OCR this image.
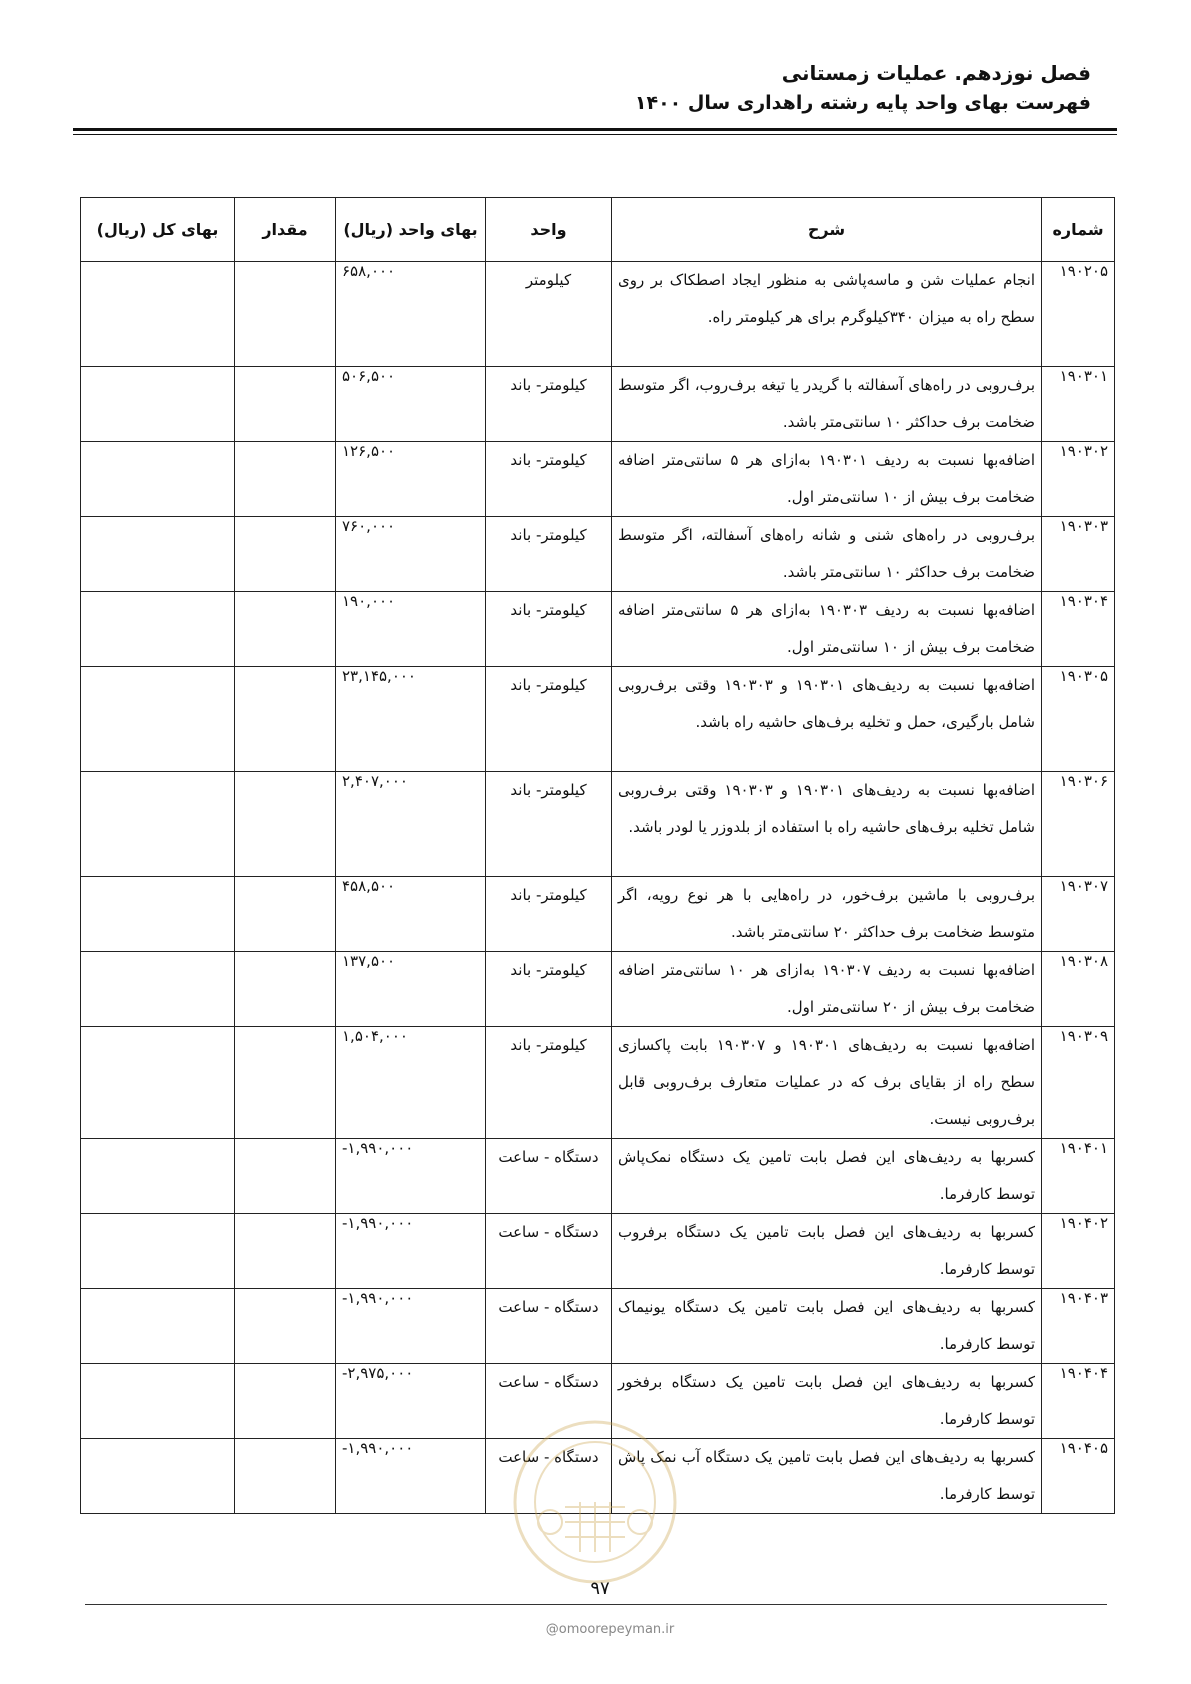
فصل نوزدهم. عملیات زمستانی
فهرست بهای واحد پایه رشته راهداری سال ۱۴۰۰
شماره	شرح	واحد	بهای واحد (ریال)	مقدار	بهای کل (ریال)
۱۹۰۲۰۵	انجام عملیات شن و ماسه‌پاشی به منظور ایجاد اصطکاک بر روی سطح راه به میزان ۳۴۰کیلوگرم برای هر کیلومتر راه.	کیلومتر	۶۵۸,۰۰۰		
۱۹۰۳۰۱	برف‌روبی در راه‌های آسفالته با گریدر یا تیغه برف‌روب، اگر متوسط ضخامت برف حداکثر ۱۰ سانتی‌متر باشد.	کیلومتر- باند	۵۰۶,۵۰۰		
۱۹۰۳۰۲	اضافه‌بها نسبت به ردیف ۱۹۰۳۰۱ به‌ازای هر ۵ سانتی‌متر اضافه ضخامت برف بیش از ۱۰ سانتی‌متر اول.	کیلومتر- باند	۱۲۶,۵۰۰		
۱۹۰۳۰۳	برف‌روبی در راه‌های شنی و شانه راه‌های آسفالته، اگر متوسط ضخامت برف حداکثر ۱۰ سانتی‌متر باشد.	کیلومتر- باند	۷۶۰,۰۰۰		
۱۹۰۳۰۴	اضافه‌بها نسبت به ردیف ۱۹۰۳۰۳ به‌ازای هر ۵ سانتی‌متر اضافه ضخامت برف بیش از ۱۰ سانتی‌متر اول.	کیلومتر- باند	۱۹۰,۰۰۰		
۱۹۰۳۰۵	اضافه‌بها نسبت به ردیف‌های ۱۹۰۳۰۱ و ۱۹۰۳۰۳ وقتی برف‌روبی شامل بارگیری، حمل و تخلیه برف‌های حاشیه راه باشد.	کیلومتر- باند	۲۳,۱۴۵,۰۰۰		
۱۹۰۳۰۶	اضافه‌بها نسبت به ردیف‌های ۱۹۰۳۰۱ و ۱۹۰۳۰۳ وقتی برف‌روبی شامل تخلیه برف‌های حاشیه راه با استفاده از بلدوزر یا لودر باشد.	کیلومتر- باند	۲,۴۰۷,۰۰۰		
۱۹۰۳۰۷	برف‌روبی با ماشین برف‌خور، در راه‌هایی با هر نوع رویه، اگر متوسط ضخامت برف حداکثر ۲۰ سانتی‌متر باشد.	کیلومتر- باند	۴۵۸,۵۰۰		
۱۹۰۳۰۸	اضافه‌بها نسبت به ردیف ۱۹۰۳۰۷ به‌ازای هر ۱۰ سانتی‌متر اضافه ضخامت برف بیش از ۲۰ سانتی‌متر اول.	کیلومتر- باند	۱۳۷,۵۰۰		
۱۹۰۳۰۹	اضافه‌بها نسبت به ردیف‌های ۱۹۰۳۰۱ و ۱۹۰۳۰۷ بابت پاکسازی سطح راه از بقایای برف که در عملیات متعارف برف‌روبی قابل برف‌روبی نیست.	کیلومتر- باند	۱,۵۰۴,۰۰۰		
۱۹۰۴۰۱	کسربها به ردیف‌های این فصل بابت تامین یک دستگاه نمک‌پاش توسط کارفرما.	دستگاه - ساعت	-۱,۹۹۰,۰۰۰		
۱۹۰۴۰۲	کسربها به ردیف‌های این فصل بابت تامین یک دستگاه برفروب توسط کارفرما.	دستگاه - ساعت	-۱,۹۹۰,۰۰۰		
۱۹۰۴۰۳	کسربها به ردیف‌های این فصل بابت تامین یک دستگاه یونیماک توسط کارفرما.	دستگاه - ساعت	-۱,۹۹۰,۰۰۰		
۱۹۰۴۰۴	کسربها به ردیف‌های این فصل بابت تامین یک دستگاه برفخور توسط کارفرما.	دستگاه - ساعت	-۲,۹۷۵,۰۰۰		
۱۹۰۴۰۵	کسربها به ردیف‌های این فصل بابت تامین یک دستگاه آب نمک پاش توسط کارفرما.	دستگاه - ساعت	-۱,۹۹۰,۰۰۰		
۹۷
@omoorepeyman.ir
